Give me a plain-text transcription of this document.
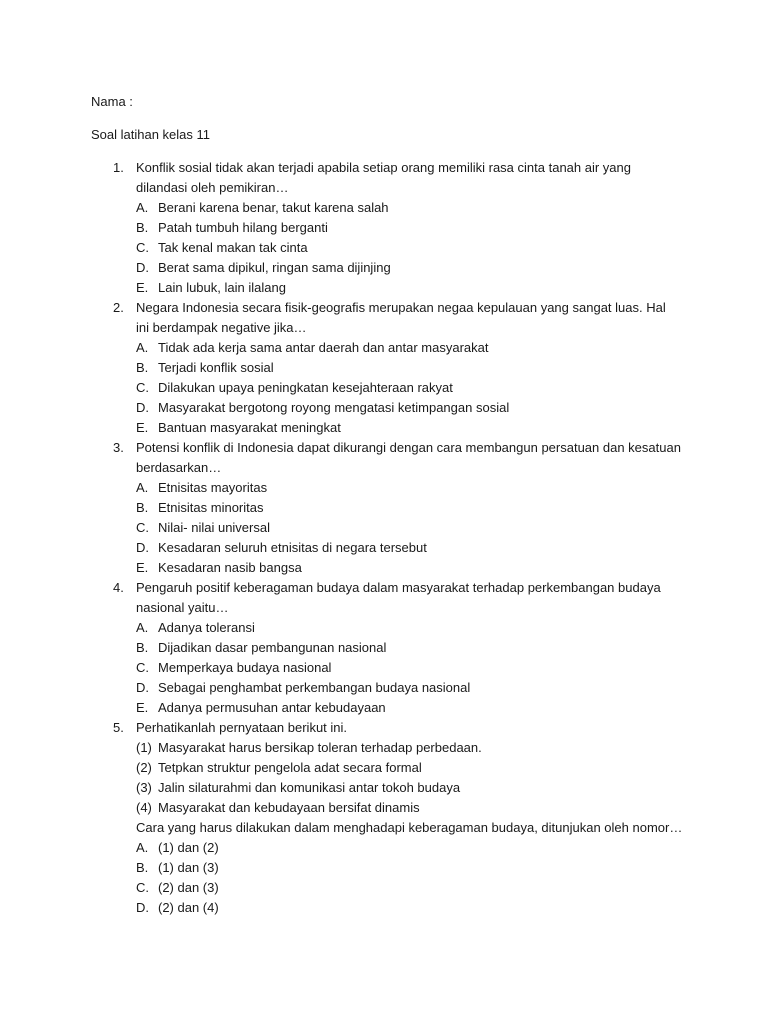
Nama :
Soal latihan kelas 11
1. Konflik sosial tidak akan terjadi apabila setiap orang memiliki rasa cinta tanah air yang dilandasi oleh pemikiran…
A. Berani karena benar, takut karena salah
B. Patah tumbuh hilang berganti
C. Tak kenal makan tak cinta
D. Berat sama dipikul, ringan sama dijinjing
E. Lain lubuk, lain ilalang
2. Negara Indonesia secara fisik-geografis merupakan negaa kepulauan yang sangat luas. Hal ini berdampak negative jika…
A. Tidak ada kerja sama antar daerah dan antar masyarakat
B. Terjadi konflik sosial
C. Dilakukan upaya peningkatan kesejahteraan rakyat
D. Masyarakat bergotong royong mengatasi ketimpangan sosial
E. Bantuan masyarakat meningkat
3. Potensi konflik di Indonesia dapat dikurangi dengan cara membangun persatuan dan kesatuan berdasarkan…
A. Etnisitas mayoritas
B. Etnisitas minoritas
C. Nilai- nilai universal
D. Kesadaran seluruh etnisitas di negara tersebut
E. Kesadaran nasib bangsa
4. Pengaruh positif keberagaman budaya dalam masyarakat terhadap perkembangan budaya nasional yaitu…
A. Adanya toleransi
B. Dijadikan dasar pembangunan nasional
C. Memperkaya budaya nasional
D. Sebagai penghambat perkembangan budaya nasional
E. Adanya permusuhan antar kebudayaan
5. Perhatikanlah pernyataan berikut ini.
(1) Masyarakat harus bersikap toleran terhadap perbedaan.
(2) Tetpkan struktur pengelola adat secara formal
(3) Jalin silaturahmi dan komunikasi antar tokoh budaya
(4) Masyarakat dan kebudayaan bersifat dinamis
Cara yang harus dilakukan dalam menghadapi keberagaman budaya, ditunjukan oleh nomor…
A. (1) dan (2)
B. (1) dan (3)
C. (2) dan (3)
D. (2) dan (4)
